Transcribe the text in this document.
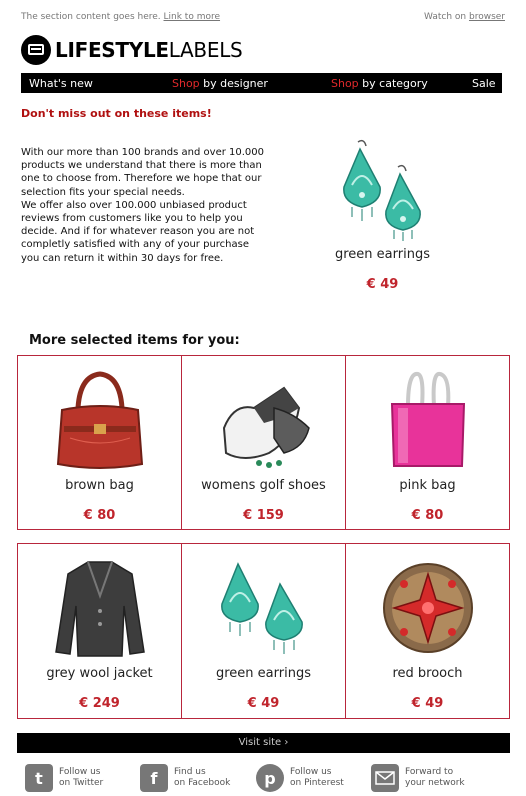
The section content goes here. Link to more	Watch on browser
LIFESTYLELABELS
What's new	Shop by designer	Shop by category	Sale
Don't miss out on these items!

With our more than 100 brands and over 10.000 products we understand that there is more than one to choose from. Therefore we hope that our selection fits your special needs.

We offer also over 100.000 unbiased product reviews from customers like you to help you decide. And if for whatever reason you are not completly satisfied with any of your purchase you can return it within 30 days for free.	green earrings
€ 49
More selected items for you:
brown bag
€ 80
womens golf shoes
€ 159
pink bag
€ 80
grey wool jacket
€ 249
green earrings
€ 49
red brooch
€ 49
Visit site ›
t	Follow us
on Twitter	f	Find us
on Facebook	p	Follow us
on Pinterest
Forward to
your network
